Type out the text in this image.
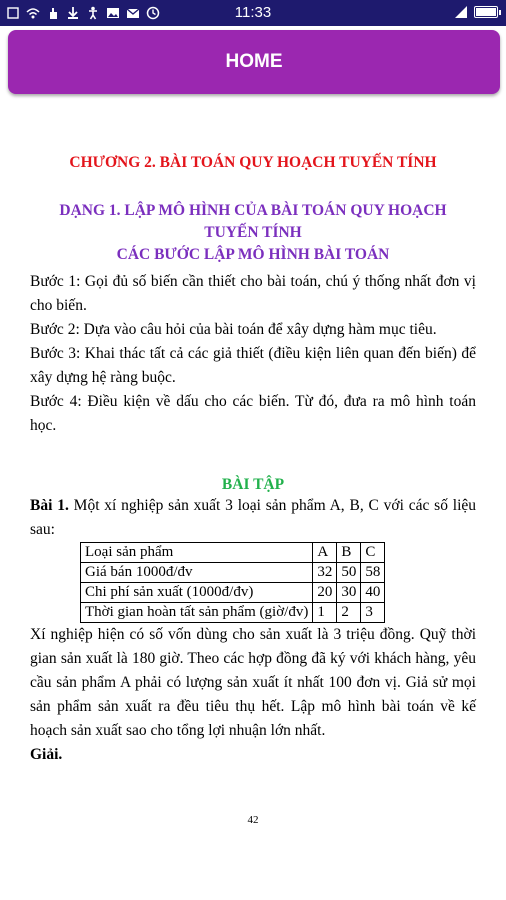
11:33
HOME
CHƯƠNG 2. BÀI TOÁN QUY HOẠCH TUYẾN TÍNH
DẠNG 1. LẬP MÔ HÌNH CỦA BÀI TOÁN QUY HOẠCH
TUYẾN TÍNH
CÁC BƯỚC LẬP MÔ HÌNH BÀI TOÁN

Bước 1: Gọi đủ số biến cần thiết cho bài toán, chú ý thống nhất đơn vị cho biến.

Bước 2: Dựa vào câu hỏi của bài toán để xây dựng hàm mục tiêu.

Bước 3: Khai thác tất cả các giả thiết (điều kiện liên quan đến biến) để xây dựng hệ ràng buộc.

Bước 4: Điều kiện về dấu cho các biến. Từ đó, đưa ra mô hình toán học.

BÀI TẬP

Bài 1. Một xí nghiệp sản xuất 3 loại sản phẩm A, B, C với các số liệu sau:

Loại sản phẩm	A	B	C
Giá bán 1000đ/đv	32	50	58
Chi phí sản xuất (1000đ/đv)	20	30	40
Thời gian hoàn tất sản phẩm (giờ/đv)	1	2	3

Xí nghiệp hiện có số vốn dùng cho sản xuất là 3 triệu đồng. Quỹ thời gian sản xuất là 180 giờ. Theo các hợp đồng đã ký với khách hàng, yêu cầu sản phẩm A phải có lượng sản xuất ít nhất 100 đơn vị. Giả sử mọi sản phẩm sản xuất ra đều tiêu thụ hết. Lập mô hình bài toán về kế hoạch sản xuất sao cho tổng lợi nhuận lớn nhất.

Giải.
42
